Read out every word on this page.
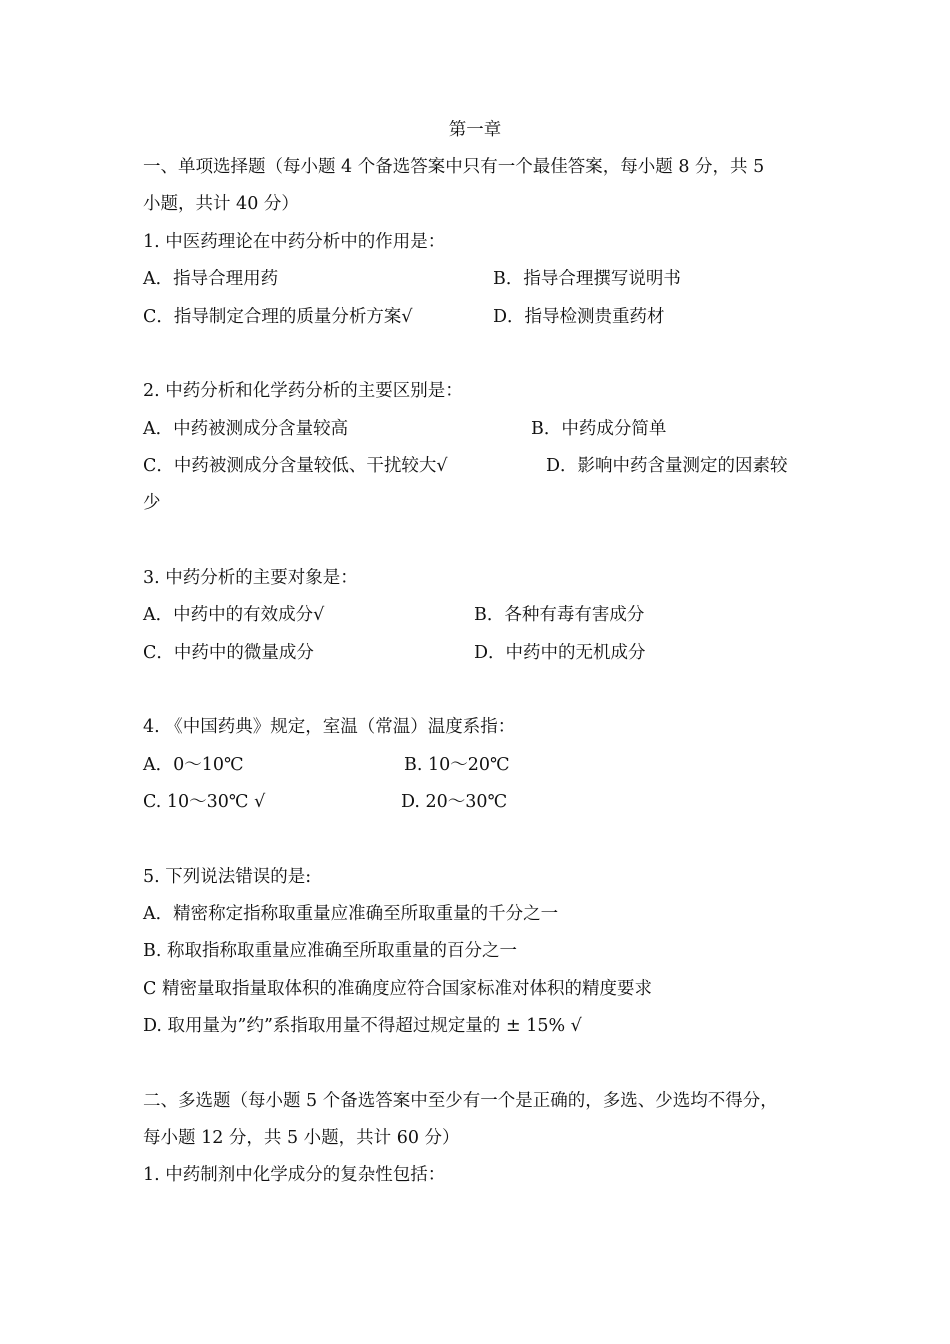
第一章
一、单项选择题（每小题 4 个备选答案中只有一个最佳答案，每小题 8 分，共 5
小题，共计 40 分）
1. 中医药理论在中药分析中的作用是：
A．指导合理用药	B．指导合理撰写说明书
C．指导制定合理的质量分析方案√	D．指导检测贵重药材
2. 中药分析和化学药分析的主要区别是：
A．中药被测成分含量较高	B．中药成分简单
C．中药被测成分含量较低、干扰较大√	D．影响中药含量测定的因素较
少
3. 中药分析的主要对象是：
A．中药中的有效成分√	B．各种有毒有害成分
C．中药中的微量成分	D．中药中的无机成分
4. 《中国药典》规定，室温（常温）温度系指：
A．0～10℃	B. 10～20℃
C. 10～30℃ √	D. 20～30℃
5. 下列说法错误的是:
A．精密称定指称取重量应准确至所取重量的千分之一
B. 称取指称取重量应准确至所取重量的百分之一
C 精密量取指量取体积的准确度应符合国家标准对体积的精度要求
D. 取用量为”约”系指取用量不得超过规定量的 ± 15% √
二、多选题（每小题 5 个备选答案中至少有一个是正确的，多选、少选均不得分，
每小题 12 分，共 5 小题，共计 60 分）
1. 中药制剂中化学成分的复杂性包括：
